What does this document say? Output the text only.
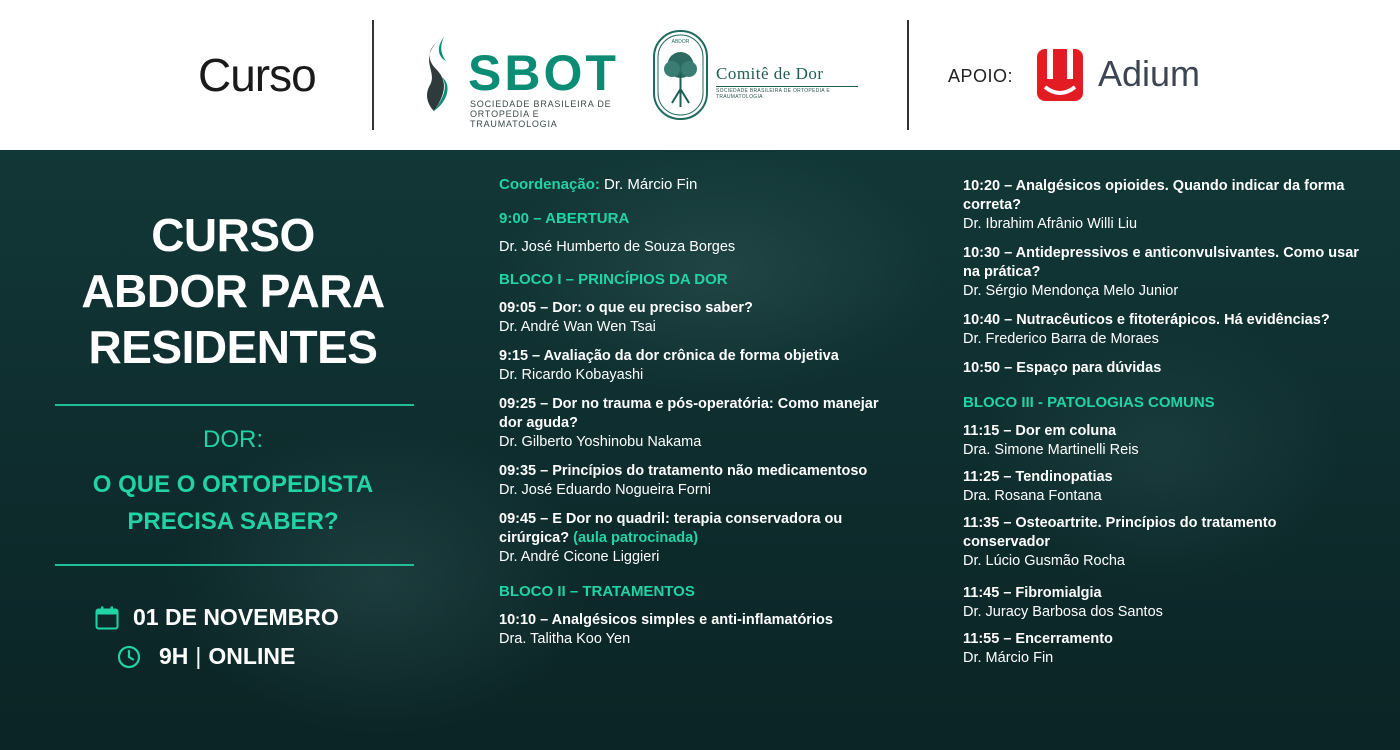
Curso	SBOT
SOCIEDADE BRASILEIRA DE
ORTOPEDIA E TRAUMATOLOGIA
ABDOR
Comitê de Dor
SOCIEDADE BRASILEIRA DE ORTOPEDIA E TRAUMATOLOGIA
APOIO: Adium
CURSO
ABDOR PARA
RESIDENTES
DOR:
O QUE O ORTOPEDISTA
PRECISA SABER?
01 DE NOVEMBRO
9H | ONLINE
Coordenação: Dr. Márcio Fin
9:00 – ABERTURA
Dr. José Humberto de Souza Borges
BLOCO I – PRINCÍPIOS DA DOR
09:05 – Dor: o que eu preciso saber?
Dr. André Wan Wen Tsai
9:15 – Avaliação da dor crônica de forma objetiva
Dr. Ricardo Kobayashi
09:25 – Dor no trauma e pós-operatória: Como manejar dor aguda?
Dr. Gilberto Yoshinobu Nakama
09:35 – Princípios do tratamento não medicamentoso
Dr. José Eduardo Nogueira Forni
09:45 – E Dor no quadril: terapia conservadora ou cirúrgica? (aula patrocinada)
Dr. André Cicone Liggieri
BLOCO II – TRATAMENTOS
10:10 – Analgésicos simples e anti-inflamatórios
Dra. Talitha Koo Yen
10:20 – Analgésicos opioides. Quando indicar da forma correta?
Dr. Ibrahim Afrânio Willi Liu
10:30 – Antidepressivos e anticonvulsivantes. Como usar na prática?
Dr. Sérgio Mendonça Melo Junior
10:40 – Nutracêuticos e fitoterápicos. Há evidências?
Dr. Frederico Barra de Moraes
10:50 – Espaço para dúvidas
BLOCO III - PATOLOGIAS COMUNS
11:15 – Dor em coluna
Dra. Simone Martinelli Reis
11:25 – Tendinopatias
Dra. Rosana Fontana
11:35 – Osteoartrite. Princípios do tratamento conservador
Dr. Lúcio Gusmão Rocha
11:45 – Fibromialgia
Dr. Juracy Barbosa dos Santos
11:55 – Encerramento
Dr. Márcio Fin
